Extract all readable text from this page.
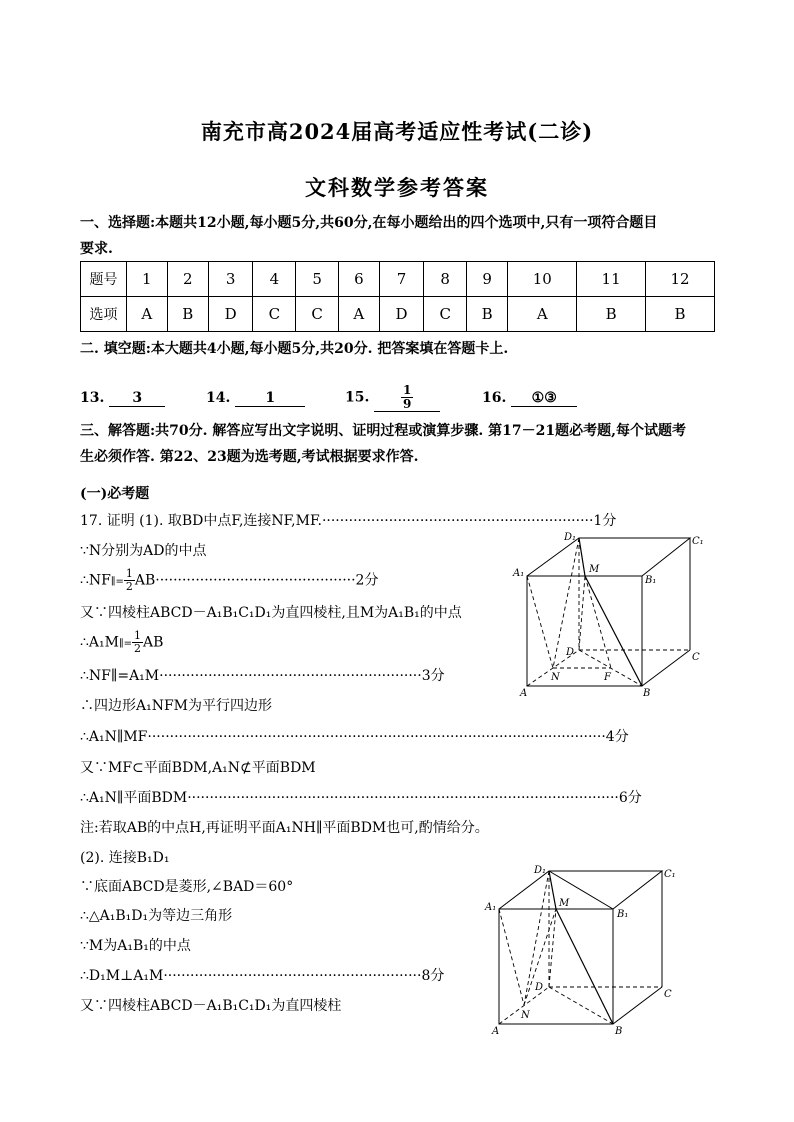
南充市高2024届高考适应性考试(二诊)
文科数学参考答案
一、选择题:本题共12小题,每小题5分,共60分,在每小题给出的四个选项中,只有一项符合题目
要求.
题号	1	2	3	4	5	6	7	8	9	10	11	12
选项	A	B	D	C	C	A	D	C	B	A	B	B
二. 填空题:本大题共4小题,每小题5分,共20分. 把答案填在答题卡上.
13. 3	14.	1	15.	$\frac{1}{9}$	16. ①③
三、解答题:共70分. 解答应写出文字说明、证明过程或演算步骤. 第17－21题必考题,每个试题考
生必须作答. 第22、23题为选考题,考试根据要求作答.
(一)必考题
17. 证明 (1). 取BD中点F,连接NF,MF.·····························································1分
∵N分别为AD的中点
∴NF∥= $\frac{1}{2} AB\cdot\cdot\cdot\cdot\cdot\cdot\cdot\cdot\cdot\cdot\cdot\cdot\cdot\cdot\cdot\cdot\cdot\cdot\cdot\cdot\cdot\cdot\cdot\cdot\cdot\cdot\cdot\cdot\cdot\cdot\cdot\cdot\cdot\cdot\cdot\cdot\cdot\cdot\cdot\cdot\cdot\cdot\cdot\cdot\cdot 2$分
又∵四棱柱ABCD－A₁B₁C₁D₁为直四棱柱,且M为A₁B₁的中点
∴A₁M∥= $\frac{1}{2}$ AB
∴NF∥=A₁M···························································3分
∴四边形A₁NFM为平行四边形
∴A₁N∥MF·······································································································4分
又∵MF⊂平面BDM,A₁N⊄平面BDM
∴A₁N∥平面BDM·································································································6分
注:若取AB的中点H,再证明平面A₁NH∥平面BDM也可,酌情给分。
(2). 连接B₁D₁
∵底面ABCD是菱形,∠BAD＝60°
∴△A₁B₁D₁为等边三角形
∵M为A₁B₁的中点
∴D₁M⊥A₁M··························································8分
又∵四棱柱ABCD－A₁B₁C₁D₁为直四棱柱
D₁	C₁
A₁	M
B₁
D	C
N	F
A	B
D₁	C₁
A₁	M
B₁
D
C
N
A	B
